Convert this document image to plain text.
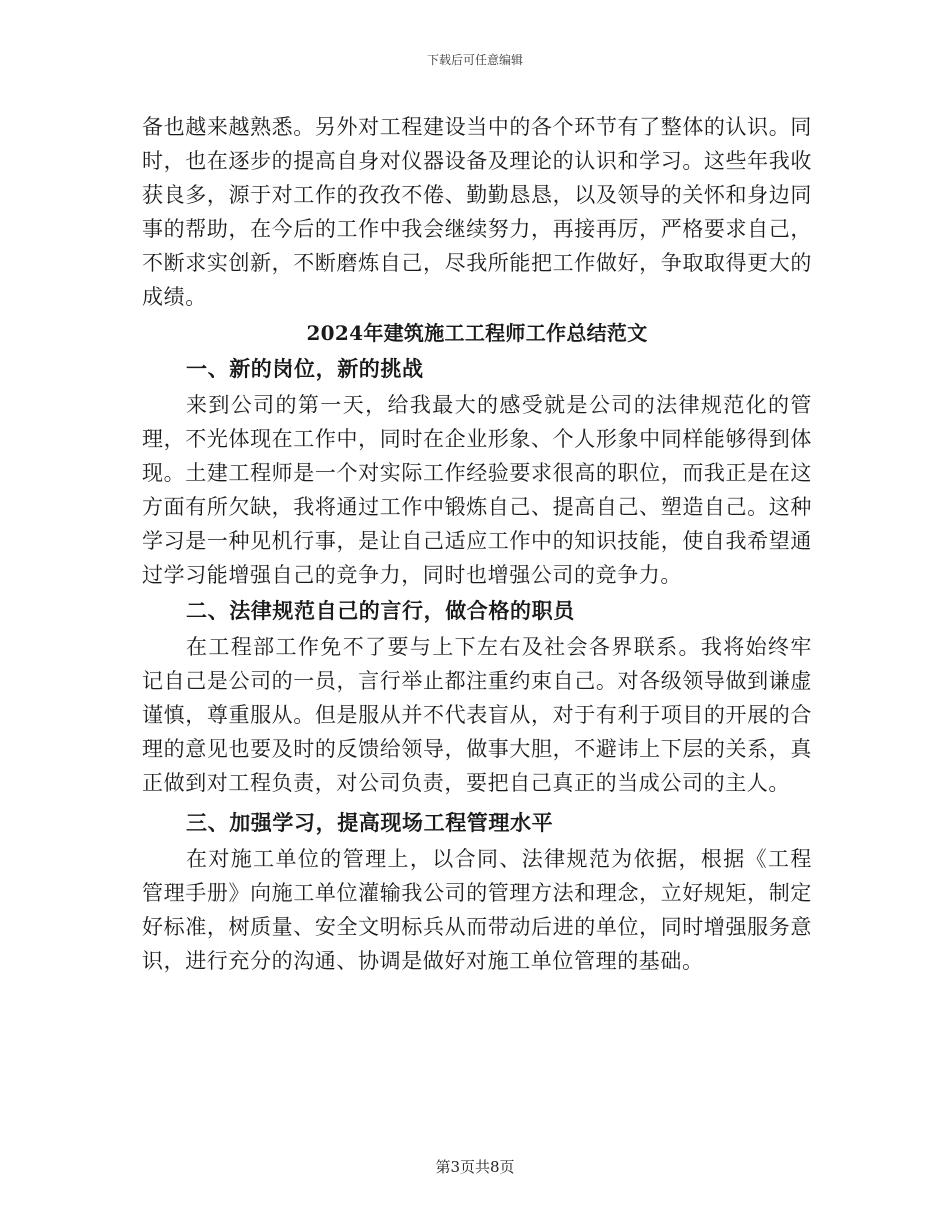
下载后可任意编辑

备也越来越熟悉。另外对工程建设当中的各个环节有了整体的认识。同时，也在逐步的提高自身对仪器设备及理论的认识和学习。这些年我收获良多，源于对工作的孜孜不倦、勤勤恳恳，以及领导的关怀和身边同事的帮助，在今后的工作中我会继续努力，再接再厉，严格要求自己，不断求实创新，不断磨炼自己，尽我所能把工作做好，争取取得更大的成绩。

2024年建筑施工工程师工作总结范文

一、新的岗位，新的挑战

来到公司的第一天，给我最大的感受就是公司的法律规范化的管理，不光体现在工作中，同时在企业形象、个人形象中同样能够得到体现。土建工程师是一个对实际工作经验要求很高的职位，而我正是在这方面有所欠缺，我将通过工作中锻炼自己、提高自己、塑造自己。这种学习是一种见机行事，是让自己适应工作中的知识技能，使自我希望通过学习能增强自己的竞争力，同时也增强公司的竞争力。

二、法律规范自己的言行，做合格的职员

在工程部工作免不了要与上下左右及社会各界联系。我将始终牢记自己是公司的一员，言行举止都注重约束自己。对各级领导做到谦虚谨慎，尊重服从。但是服从并不代表盲从，对于有利于项目的开展的合理的意见也要及时的反馈给领导，做事大胆，不避讳上下层的关系，真正做到对工程负责，对公司负责，要把自己真正的当成公司的主人。

三、加强学习，提高现场工程管理水平

在对施工单位的管理上，以合同、法律规范为依据，根据《工程管理手册》向施工单位灌输我公司的管理方法和理念，立好规矩，制定好标准，树质量、安全文明标兵从而带动后进的单位，同时增强服务意识，进行充分的沟通、协调是做好对施工单位管理的基础。

第3页共8页
